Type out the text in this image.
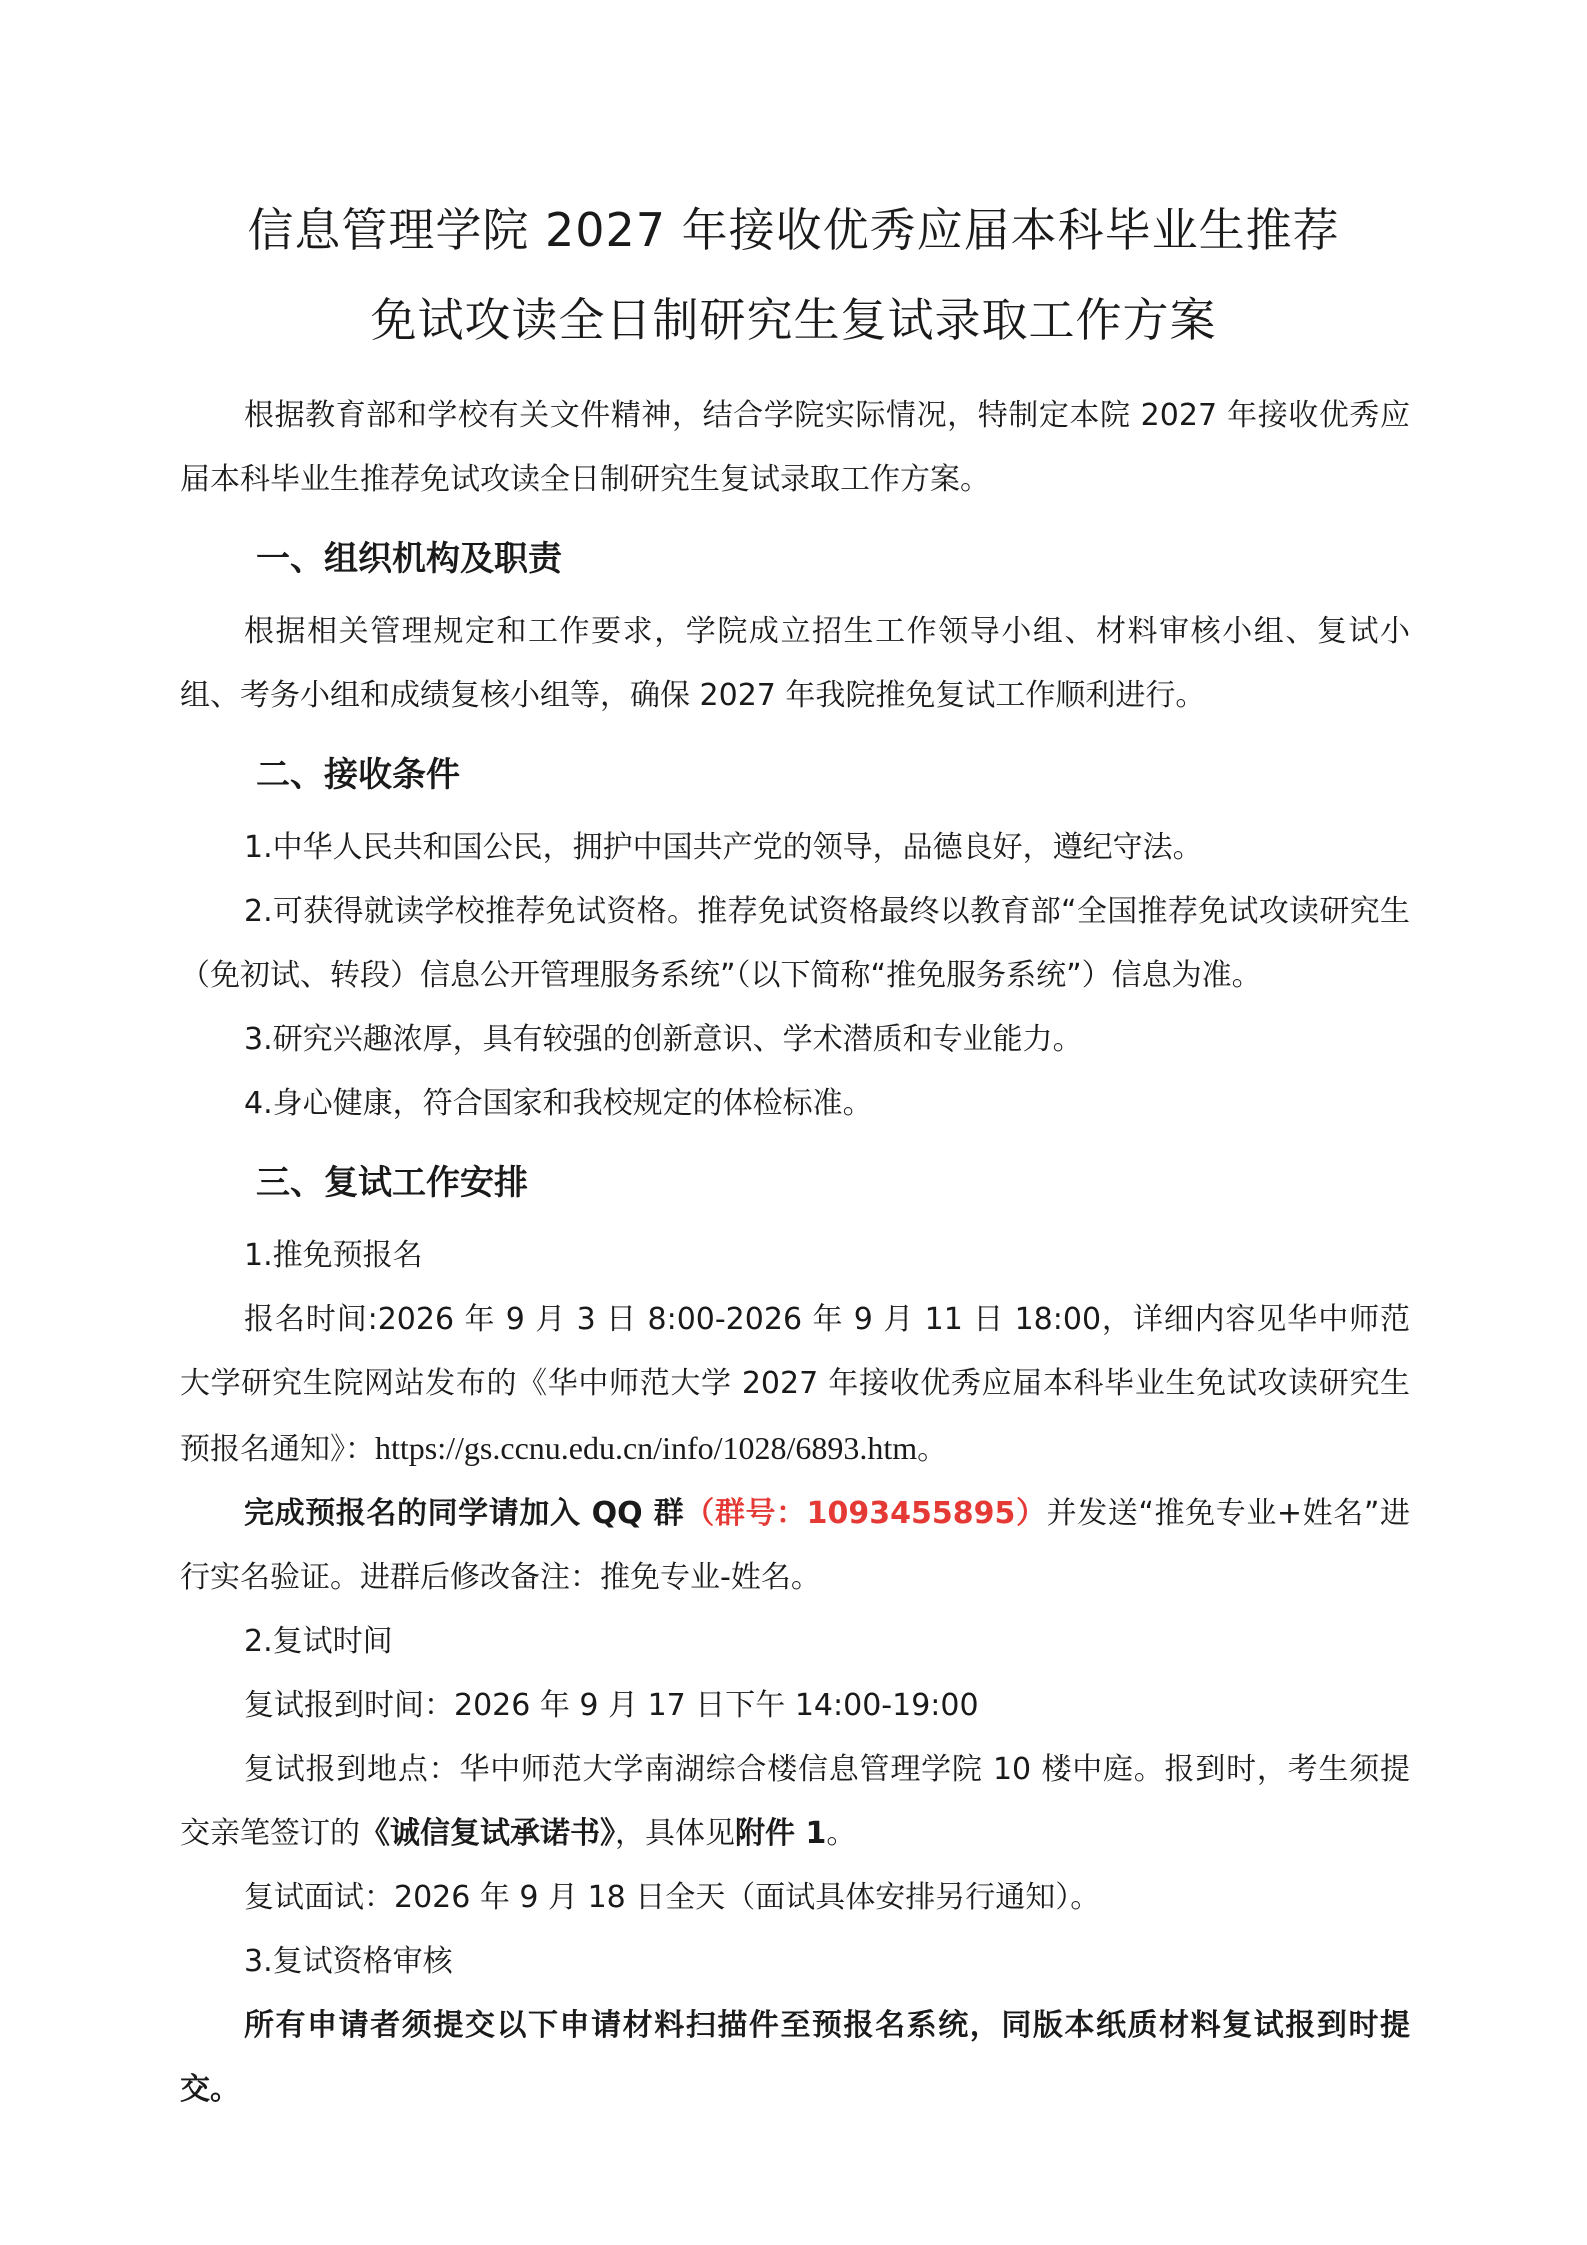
信息管理学院 2027 年接收优秀应届本科毕业生推荐
免试攻读全日制研究生复试录取工作方案

根据教育部和学校有关文件精神，结合学院实际情况，特制定本院 2027 年接收优秀应届本科毕业生推荐免试攻读全日制研究生复试录取工作方案。

一、组织机构及职责

根据相关管理规定和工作要求，学院成立招生工作领导小组、材料审核小组、复试小组、考务小组和成绩复核小组等，确保 2027 年我院推免复试工作顺利进行。

二、接收条件

1.中华人民共和国公民，拥护中国共产党的领导，品德良好，遵纪守法。

2.可获得就读学校推荐免试资格。推荐免试资格最终以教育部“全国推荐免试攻读研究生（免初试、转段）信息公开管理服务系统”（以下简称“推免服务系统”）信息为准。

3.研究兴趣浓厚，具有较强的创新意识、学术潜质和专业能力。

4.身心健康，符合国家和我校规定的体检标准。

三、复试工作安排

1.推免预报名

报名时间:2026 年 9 月 3 日 8:00-2026 年 9 月 11 日 18:00，详细内容见华中师范大学研究生院网站发布的《华中师范大学 2027 年接收优秀应届本科毕业生免试攻读研究生预报名通知》：https://gs.ccnu.edu.cn/info/1028/6893.htm。

完成预报名的同学请加入 QQ 群（群号：1093455895）并发送“推免专业+姓名”进行实名验证。进群后修改备注：推免专业-姓名。

2.复试时间

复试报到时间：2026 年 9 月 17 日下午 14:00-19:00

复试报到地点：华中师范大学南湖综合楼信息管理学院 10 楼中庭。报到时，考生须提交亲笔签订的《诚信复试承诺书》，具体见附件 1。

复试面试：2026 年 9 月 18 日全天（面试具体安排另行通知）。

3.复试资格审核

所有申请者须提交以下申请材料扫描件至预报名系统，同版本纸质材料复试报到时提交。
